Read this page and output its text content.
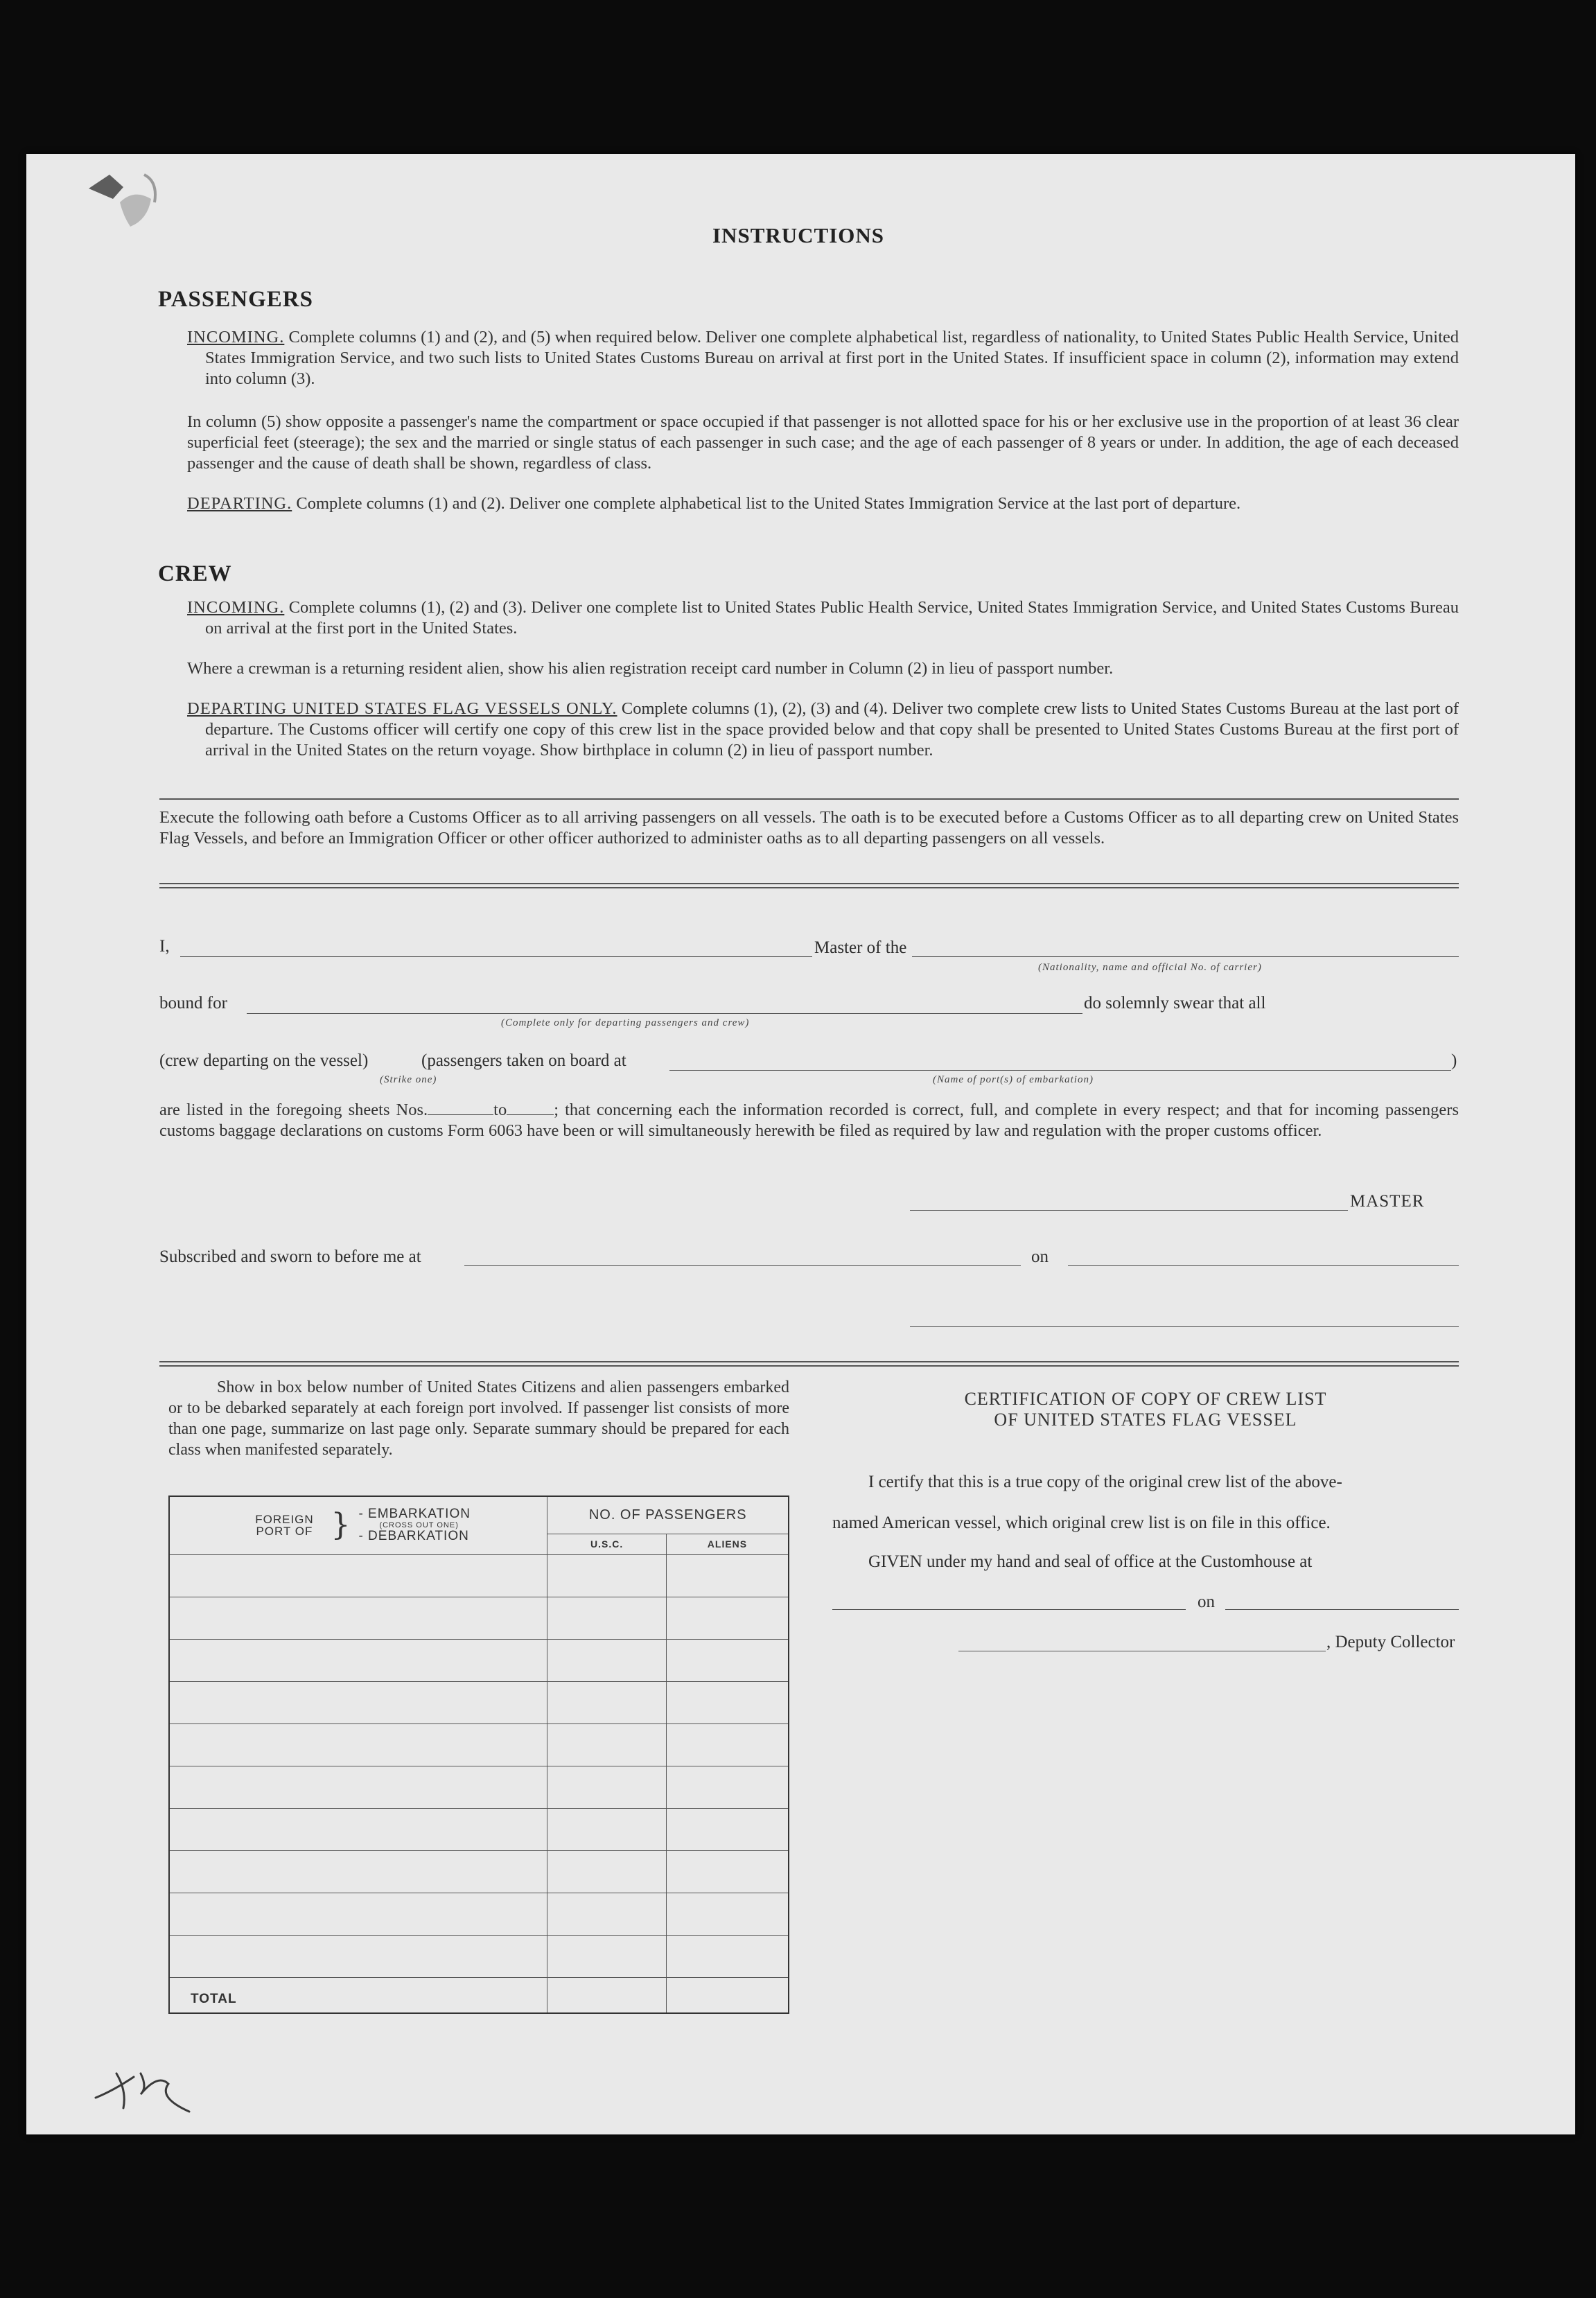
INSTRUCTIONS
PASSENGERS

INCOMING. Complete columns (1) and (2), and (5) when required below. Deliver one complete alphabetical list, regardless of nationality, to United States Public Health Service, United States Immigration Service, and two such lists to United States Customs Bureau on arrival at first port in the United States. If insufficient space in column (2), information may extend into column (3).

In column (5) show opposite a passenger's name the compartment or space occupied if that passenger is not allotted space for his or her exclusive use in the proportion of at least 36 clear superficial feet (steerage); the sex and the married or single status of each passenger in such case; and the age of each passenger of 8 years or under. In addition, the age of each deceased passenger and the cause of death shall be shown, regardless of class.

DEPARTING. Complete columns (1) and (2). Deliver one complete alphabetical list to the United States Immigration Service at the last port of departure.

CREW

INCOMING. Complete columns (1), (2) and (3). Deliver one complete list to United States Public Health Service, United States Immigration Service, and United States Customs Bureau on arrival at the first port in the United States.

Where a crewman is a returning resident alien, show his alien registration receipt card number in Column (2) in lieu of passport number.

DEPARTING UNITED STATES FLAG VESSELS ONLY. Complete columns (1), (2), (3) and (4). Deliver two complete crew lists to United States Customs Bureau at the last port of departure. The Customs officer will certify one copy of this crew list in the space provided below and that copy shall be presented to United States Customs Bureau at the first port of arrival in the United States on the return voyage. Show birthplace in column (2) in lieu of passport number.

Execute the following oath before a Customs Officer as to all arriving passengers on all vessels. The oath is to be executed before a Customs Officer as to all departing crew on United States Flag Vessels, and before an Immigration Officer or other officer authorized to administer oaths as to all departing passengers on all vessels.
I,	Master of the
(Nationality, name and official No. of carrier)
bound for	do solemnly swear that all
(Complete only for departing passengers and crew)
(crew departing on the vessel)	(passengers taken on board at	)
(Strike one)	(Name of port(s) of embarkation)
are listed in the foregoing sheets Nos.	to	; that concerning each the information recorded is correct, full, and complete in every respect; and that for incoming passengers customs baggage declarations on customs Form 6063 have been or will simultaneously herewith be filed as required by law and regulation with the proper customs officer.
MASTER
Subscribed and sworn to before me at	on
Show in box below number of United States Citizens and alien passengers embarked or to be debarked separately at each foreign port involved. If passenger list consists of more than one page, summarize on last page only. Separate summary should be prepared for each class when manifested separately.
FOREIGN PORT OF } - EMBARKATION
(CROSS OUT ONE)
- DEBARKATION	NO. OF PASSENGERS	
	U.S.C.	ALIENS

TOTAL		
CERTIFICATION OF COPY OF CREW LIST
OF UNITED STATES FLAG VESSEL
I certify that this is a true copy of the original crew list of the above-
named American vessel, which original crew list is on file in this office.
GIVEN under my hand and seal of office at the Customhouse at
on
, Deputy Collector
